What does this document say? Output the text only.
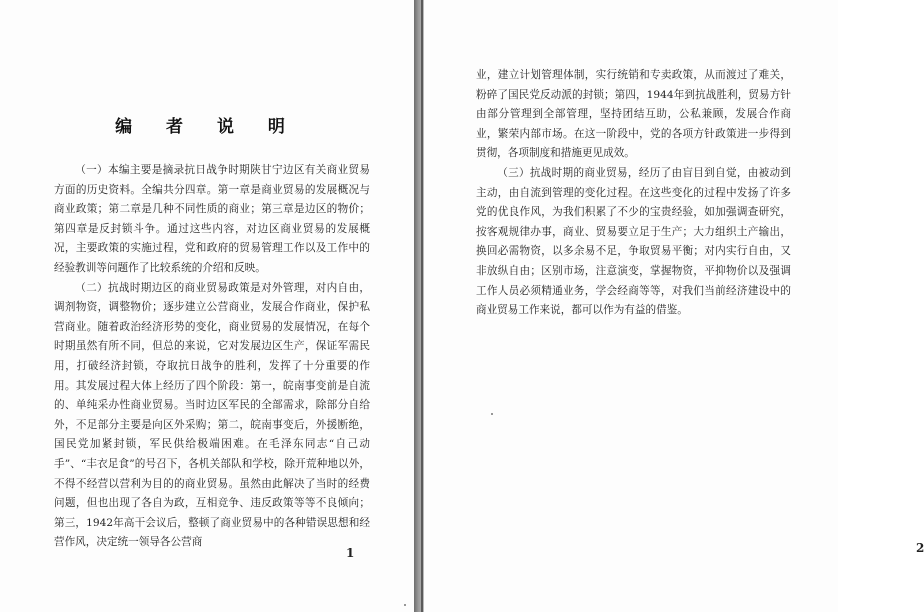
编 者 说 明

（一）本编主要是摘录抗日战争时期陕甘宁边区有关商业贸易方面的历史资料。全编共分四章。第一章是商业贸易的发展概况与商业政策；第二章是几种不同性质的商业；第三章是边区的物价；第四章是反封锁斗争。通过这些内容，对边区商业贸易的发展概况，主要政策的实施过程，党和政府的贸易管理工作以及工作中的经验教训等问题作了比较系统的介绍和反映。

（二）抗战时期边区的商业贸易政策是对外管理，对内自由，调剂物资，调整物价；逐步建立公营商业，发展合作商业，保护私营商业。随着政治经济形势的变化，商业贸易的发展情况，在每个时期虽然有所不同，但总的来说，它对发展边区生产，保证军需民用，打破经济封锁，夺取抗日战争的胜利，发挥了十分重要的作用。其发展过程大体上经历了四个阶段：第一，皖南事变前是自流的、单纯采办性商业贸易。当时边区军民的全部需求，除部分自给外，不足部分主要是向区外采购；第二，皖南事变后，外援断绝，国民党加紧封锁，军民供给极端困难。在毛泽东同志“自己动手”、“丰衣足食”的号召下，各机关部队和学校，除开荒种地以外，不得不经营以营利为目的的商业贸易。虽然由此解决了当时的经费问题，但也出现了各自为政，互相竞争、违反政策等等不良倾向；第三，1942年高干会议后，整顿了商业贸易中的各种错误思想和经营作风，决定统一领导各公营商

1	2

业，建立计划管理体制，实行统销和专卖政策，从而渡过了难关，粉碎了国民党反动派的封锁；第四，1944年到抗战胜利，贸易方针由部分管理到全部管理，坚持团结互助，公私兼顾，发展合作商业，繁荣内部市场。在这一阶段中，党的各项方针政策进一步得到贯彻，各项制度和措施更见成效。

（三）抗战时期的商业贸易，经历了由盲目到自觉，由被动到主动，由自流到管理的变化过程。在这些变化的过程中发扬了许多党的优良作风，为我们积累了不少的宝贵经验，如加强调查研究，按客观规律办事，商业、贸易要立足于生产；大力组织土产输出，换回必需物资，以多余易不足，争取贸易平衡；对内实行自由，又非放纵自由；区别市场，注意演变，掌握物资，平抑物价以及强调工作人员必须精通业务，学会经商等等，对我们当前经济建设中的商业贸易工作来说，都可以作为有益的借鉴。
